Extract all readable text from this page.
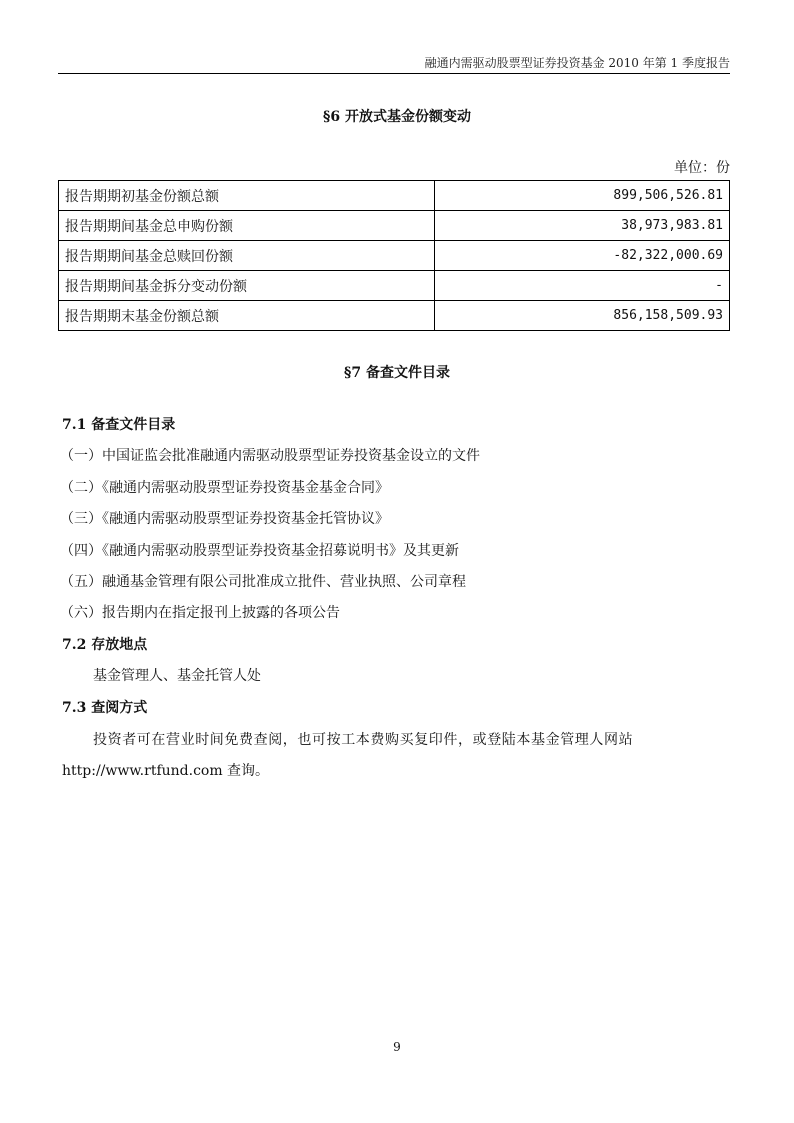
融通内需驱动股票型证券投资基金 2010 年第 1 季度报告
§6 开放式基金份额变动
单位：份
报告期期初基金份额总额	899,506,526.81
报告期期间基金总申购份额	38,973,983.81
报告期期间基金总赎回份额	-82,322,000.69
报告期期间基金拆分变动份额	-
报告期期末基金份额总额	856,158,509.93
§7 备查文件目录
7.1 备查文件目录
（一）中国证监会批准融通内需驱动股票型证券投资基金设立的文件
（二）《融通内需驱动股票型证券投资基金基金合同》
（三）《融通内需驱动股票型证券投资基金托管协议》
（四）《融通内需驱动股票型证券投资基金招募说明书》及其更新
（五）融通基金管理有限公司批准成立批件、营业执照、公司章程
（六）报告期内在指定报刊上披露的各项公告
7.2 存放地点
基金管理人、基金托管人处
7.3 查阅方式
投资者可在营业时间免费查阅，也可按工本费购买复印件，或登陆本基金管理人网站
http://www.rtfund.com 查询。
9
